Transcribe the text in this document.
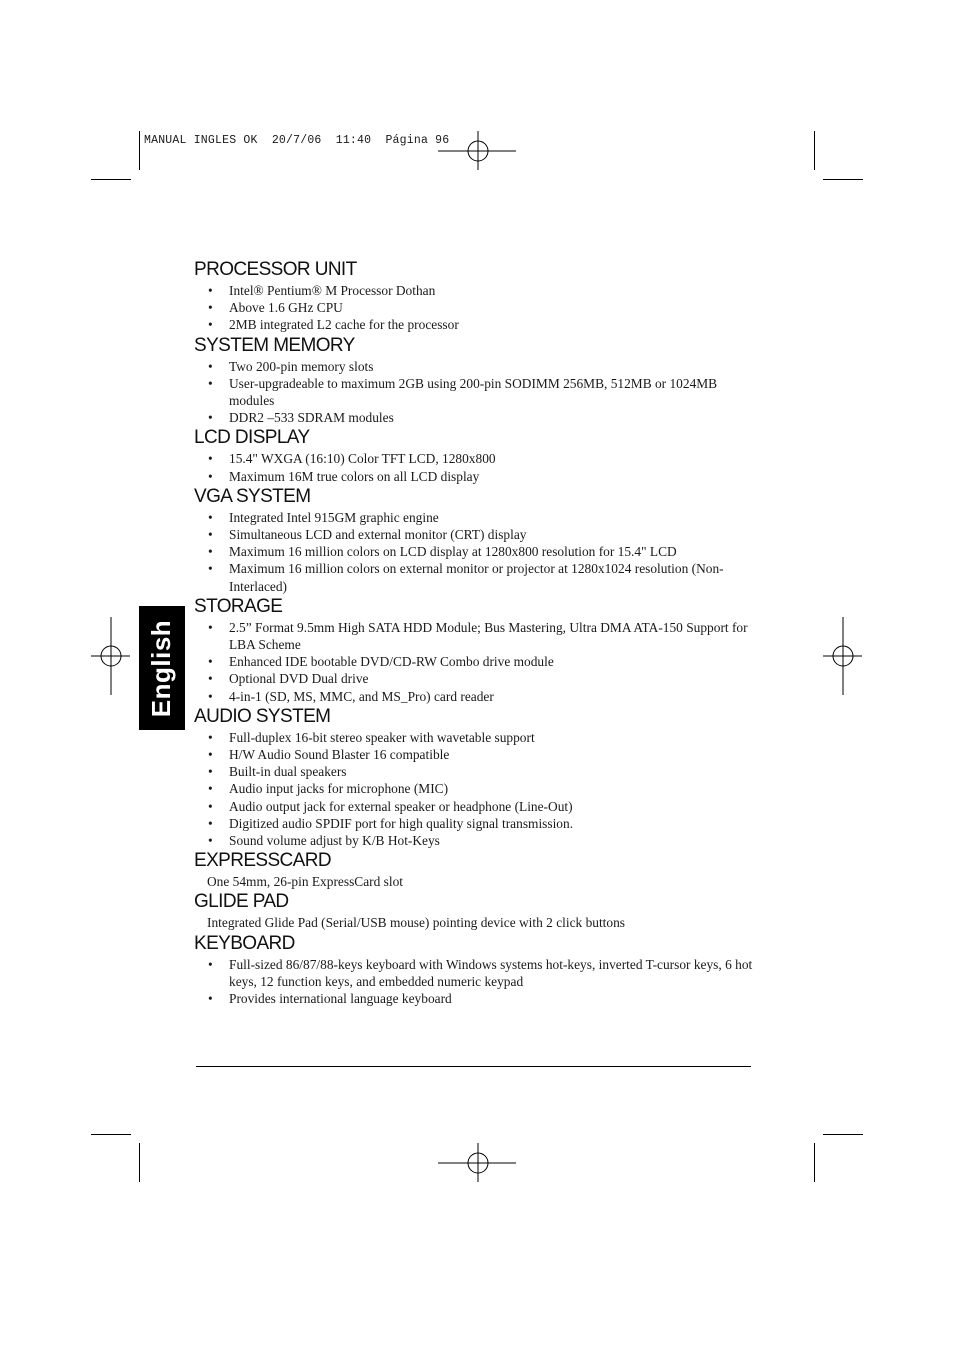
MANUAL INGLES OK  20/7/06  11:40  Página 96
English
PROCESSOR UNIT
• Intel® Pentium® M Processor Dothan
• Above 1.6 GHz CPU
• 2MB integrated L2 cache for the processor
SYSTEM MEMORY
• Two 200-pin memory slots
• User-upgradeable to maximum 2GB using 200-pin SODIMM 256MB, 512MB or 1024MB modules
• DDR2 –533 SDRAM modules
LCD DISPLAY
• 15.4" WXGA (16:10) Color TFT LCD, 1280x800
• Maximum 16M true colors on all LCD display
VGA SYSTEM
• Integrated Intel 915GM graphic engine
• Simultaneous LCD and external monitor (CRT) display
• Maximum 16 million colors on LCD display at 1280x800 resolution for 15.4" LCD
• Maximum 16 million colors on external monitor or projector at 1280x1024 resolution (Non-Interlaced)
STORAGE
• 2.5” Format 9.5mm High SATA HDD Module; Bus Mastering, Ultra DMA ATA-150 Support for LBA Scheme
• Enhanced IDE bootable DVD/CD-RW Combo drive module
• Optional DVD Dual drive
• 4-in-1 (SD, MS, MMC, and MS_Pro) card reader
AUDIO SYSTEM
• Full-duplex 16-bit stereo speaker with wavetable support
• H/W Audio Sound Blaster 16 compatible
• Built-in dual speakers
• Audio input jacks for microphone (MIC)
• Audio output jack for external speaker or headphone (Line-Out)
• Digitized audio SPDIF port for high quality signal transmission.
• Sound volume adjust by K/B Hot-Keys
EXPRESSCARD

One 54mm, 26-pin ExpressCard slot

GLIDE PAD

Integrated Glide Pad (Serial/USB mouse) pointing device with 2 click buttons

KEYBOARD
• Full-sized 86/87/88-keys keyboard with Windows systems hot-keys, inverted T-cursor keys, 6 hot keys, 12 function keys, and embedded numeric keypad
• Provides international language keyboard
